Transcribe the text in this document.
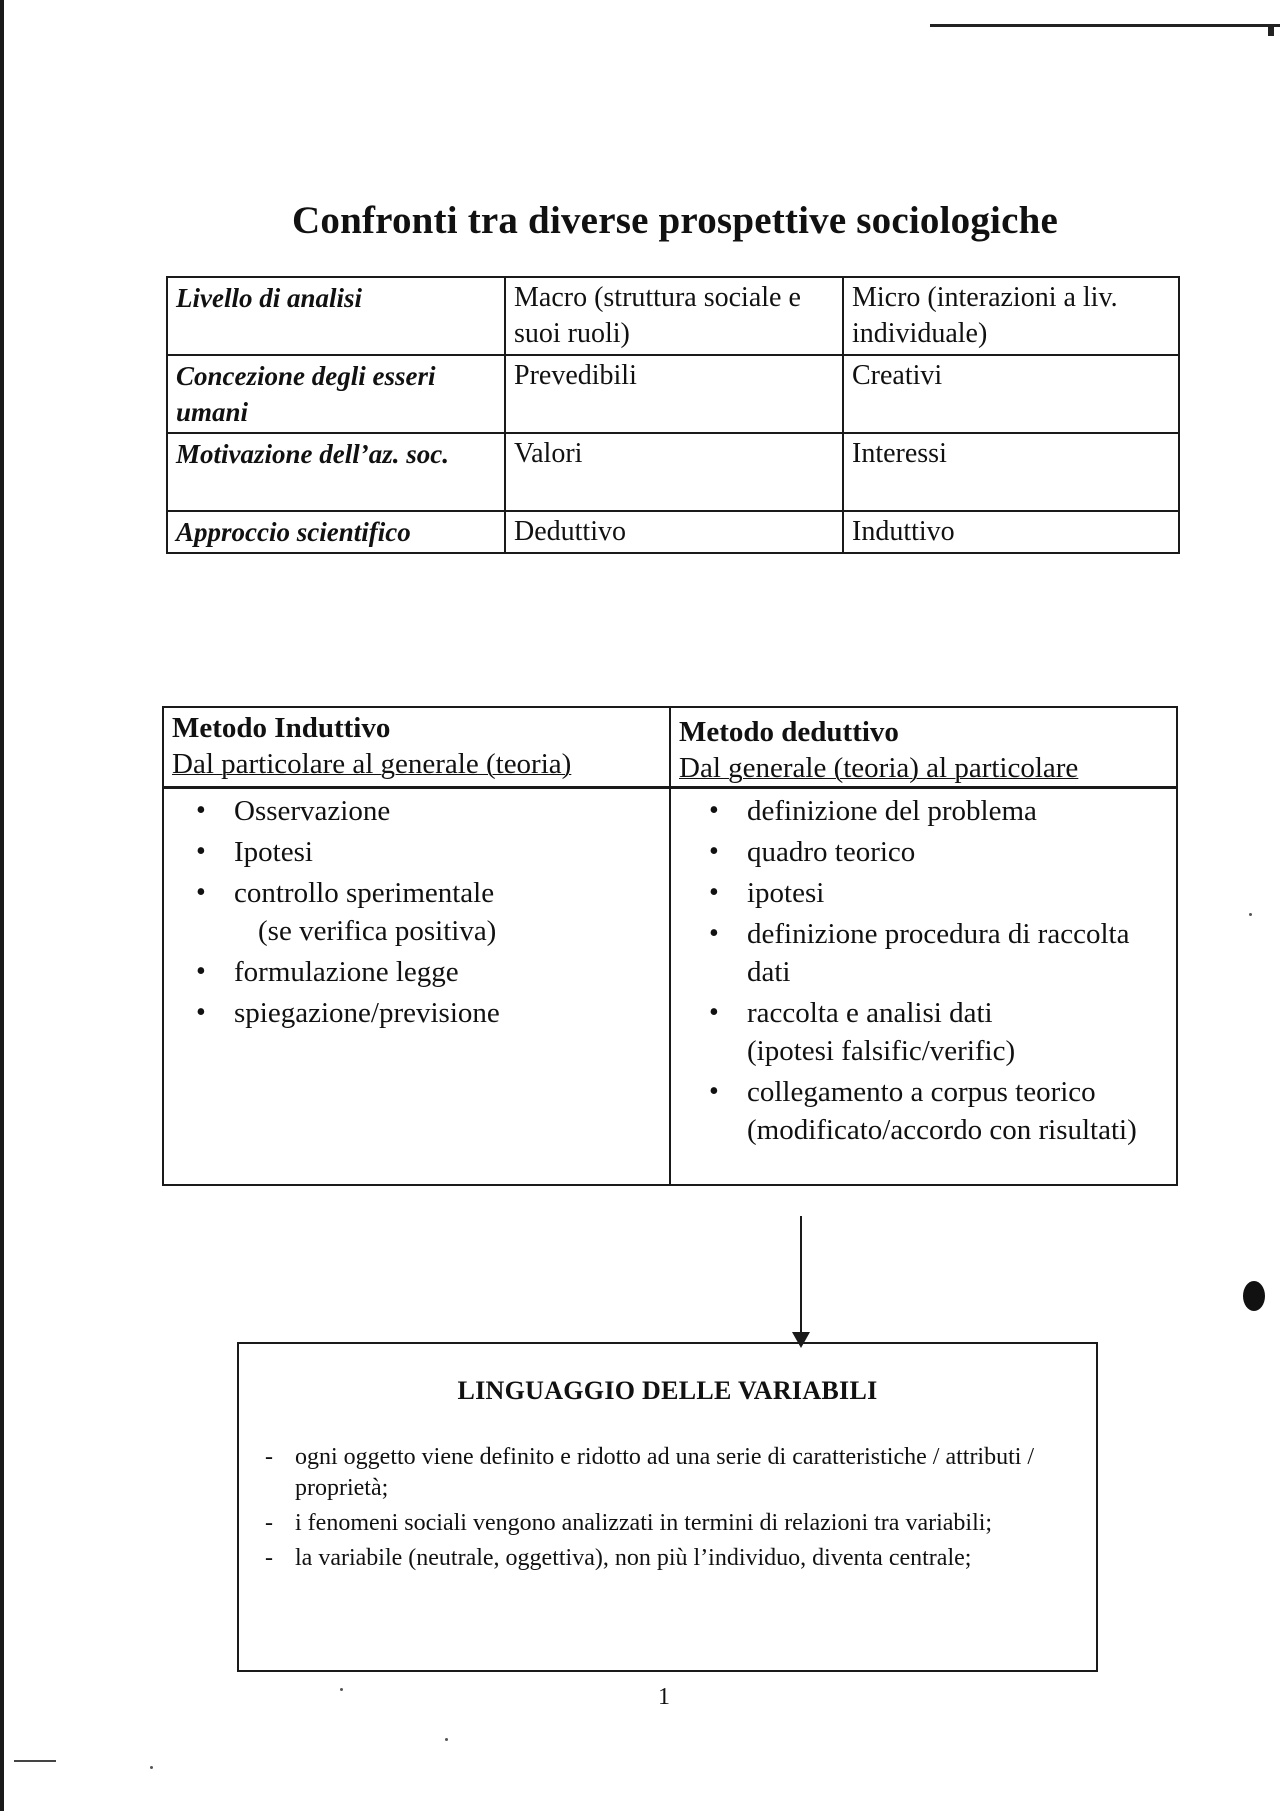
Confronti tra diverse prospettive sociologiche
Livello di analisi	Macro (struttura sociale e suoi ruoli)	Micro (interazioni a liv. individuale)
Concezione degli esseri umani	Prevedibili	Creativi
Motivazione dell’az. soc.	Valori	Interessi
Approccio scientifico	Deduttivo	Induttivo
Metodo Induttivo
Dal particolare al generale (teoria)
• Osservazione
• Ipotesi
• controllo sperimentale
(se verifica positiva)
• formulazione legge
• spiegazione/previsione
Metodo deduttivo
Dal generale (teoria) al particolare
• definizione del problema
• quadro teorico
• ipotesi
• definizione procedura di raccolta dati
• raccolta e analisi dati
(ipotesi falsific/verific)
• collegamento a corpus teorico (modificato/accordo con risultati)
LINGUAGGIO DELLE VARIABILI
- ogni oggetto viene definito e ridotto ad una serie di caratteristiche / attributi / proprietà;
- i fenomeni sociali vengono analizzati in termini di relazioni tra variabili;
- la variabile (neutrale, oggettiva), non più l’individuo, diventa centrale;
1
